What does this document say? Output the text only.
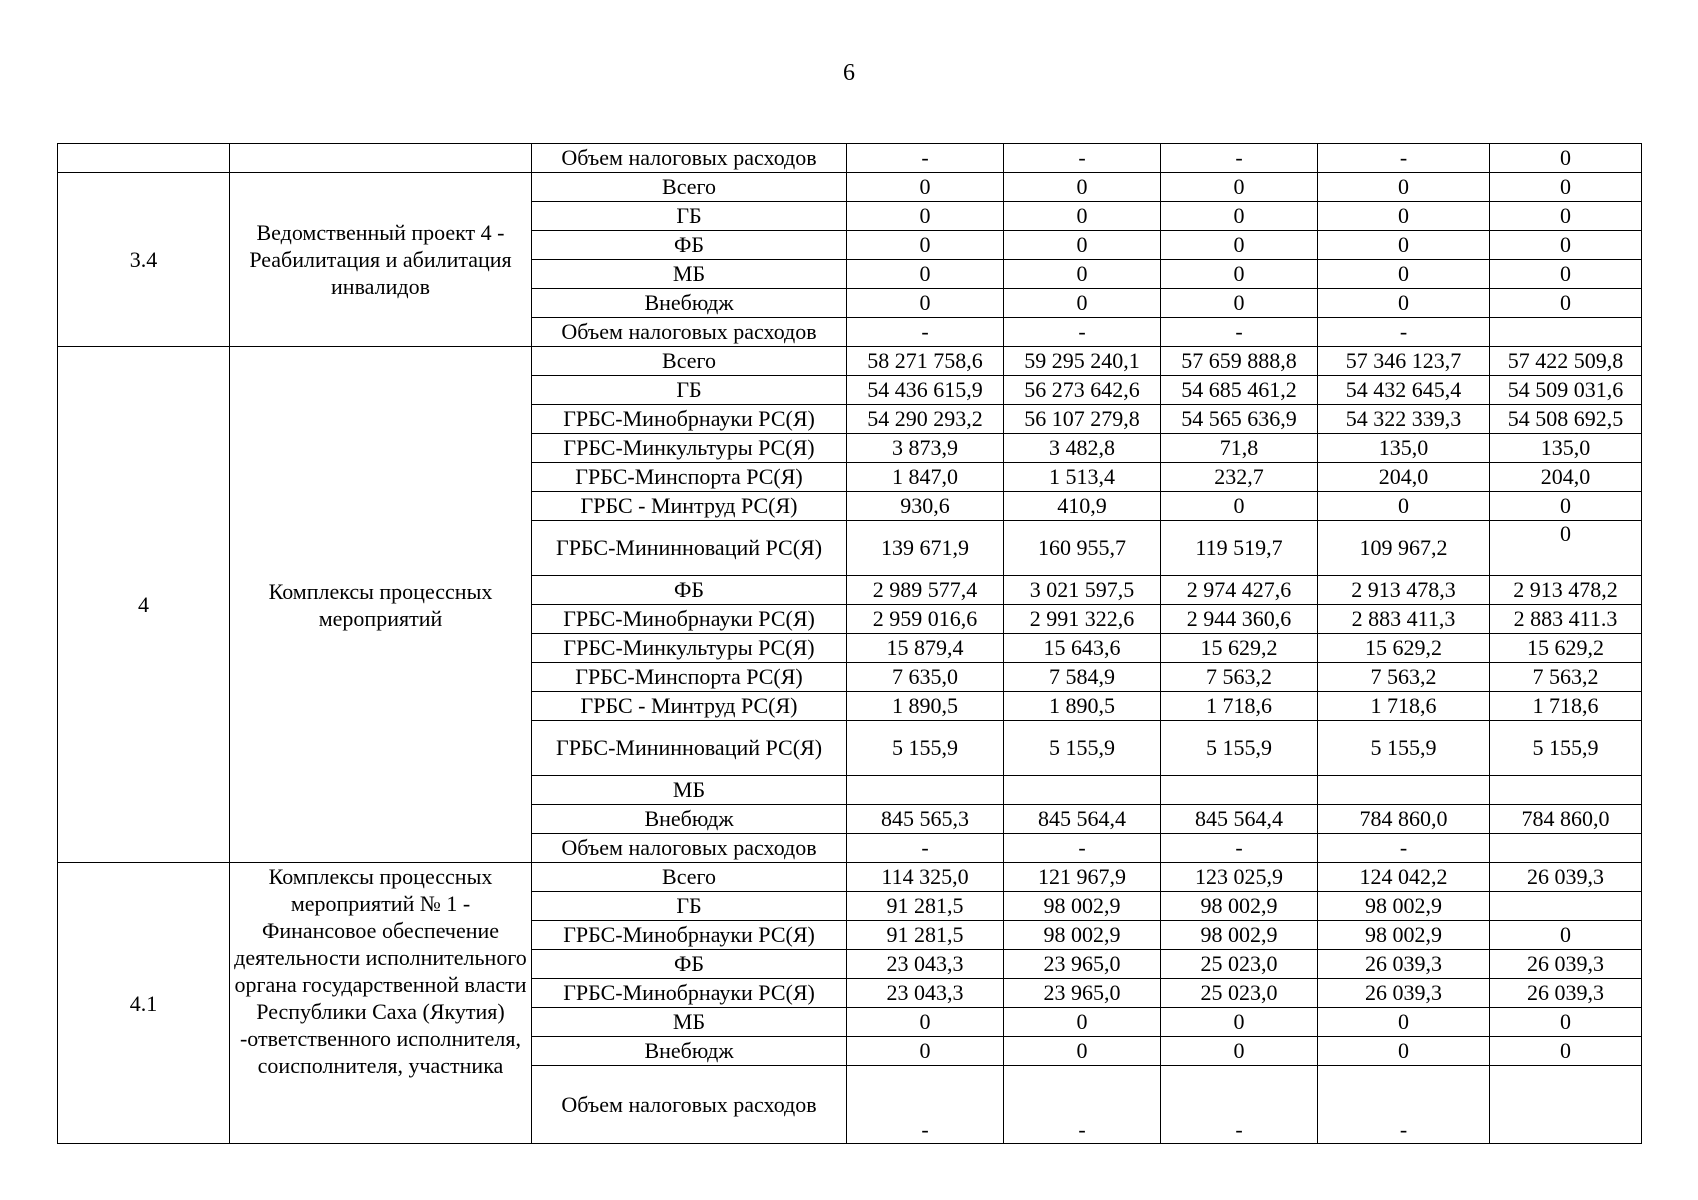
6
		Объем налоговых расходов	-	-	-	-	0
3.4	Ведомственный проект 4 - Реабилитация и абилитация инвалидов	Всего	0	0	0	0	0
		ГБ	0	0	0	0	0
		ФБ	0	0	0	0	0
		МБ	0	0	0	0	0
		Внебюдж	0	0	0	0	0
		Объем налоговых расходов	-	-	-	-	
4	Комплексы процессных мероприятий	Всего	58 271 758,6	59 295 240,1	57 659 888,8	57 346 123,7	57 422 509,8
		ГБ	54 436 615,9	56 273 642,6	54 685 461,2	54 432 645,4	54 509 031,6
		ГРБС-Минобрнауки РС(Я)	54 290 293,2	56 107 279,8	54 565 636,9	54 322 339,3	54 508 692,5
		ГРБС-Минкультуры РС(Я)	3 873,9	3 482,8	71,8	135,0	135,0
		ГРБС-Минспорта РС(Я)	1 847,0	1 513,4	232,7	204,0	204,0
		ГРБС - Минтруд РС(Я)	930,6	410,9	0	0	0
		ГРБС-Мининноваций РС(Я)	139 671,9	160 955,7	119 519,7	109 967,2	0
		ФБ	2 989 577,4	3 021 597,5	2 974 427,6	2 913 478,3	2 913 478,2
		ГРБС-Минобрнауки РС(Я)	2 959 016,6	2 991 322,6	2 944 360,6	2 883 411,3	2 883 411.3
		ГРБС-Минкультуры РС(Я)	15 879,4	15 643,6	15 629,2	15 629,2	15 629,2
		ГРБС-Минспорта РС(Я)	7 635,0	7 584,9	7 563,2	7 563,2	7 563,2
		ГРБС - Минтруд РС(Я)	1 890,5	1 890,5	1 718,6	1 718,6	1 718,6
		ГРБС-Мининноваций РС(Я)	5 155,9	5 155,9	5 155,9	5 155,9	5 155,9
		МБ					
		Внебюдж	845 565,3	845 564,4	845 564,4	784 860,0	784 860,0
		Объем налоговых расходов	-	-	-	-	
4.1	Комплексы процессных мероприятий № 1 - Финансовое обеспечение деятельности исполнительного органа государственной власти Республики Саха (Якутия) -ответственного исполнителя, соисполнителя, участника	Всего	114 325,0	121 967,9	123 025,9	124 042,2	26 039,3
		ГБ	91 281,5	98 002,9	98 002,9	98 002,9	
		ГРБС-Минобрнауки РС(Я)	91 281,5	98 002,9	98 002,9	98 002,9	0
		ФБ	23 043,3	23 965,0	25 023,0	26 039,3	26 039,3
		ГРБС-Минобрнауки РС(Я)	23 043,3	23 965,0	25 023,0	26 039,3	26 039,3
		МБ	0	0	0	0	0
		Внебюдж	0	0	0	0	0
		Объем налоговых расходов	-	-	-	-	
